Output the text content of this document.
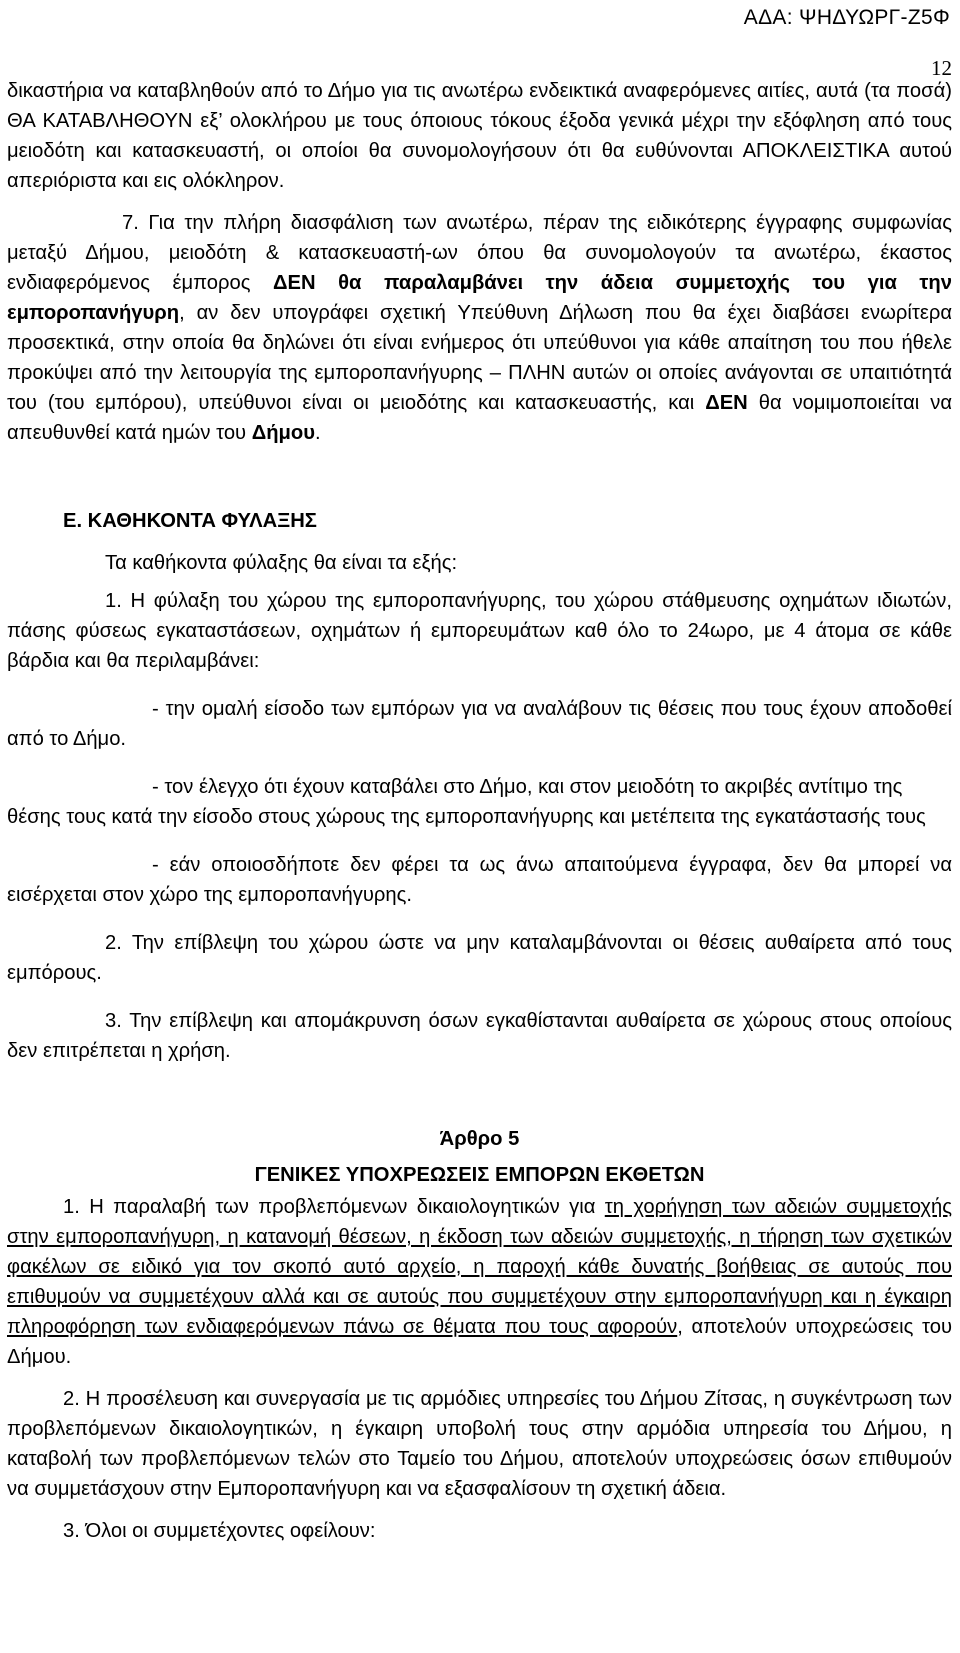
ΑΔΑ: ΨΗΔΥΩΡΓ-Ζ5Φ
12

δικαστήρια να καταβληθούν από το Δήμο για τις ανωτέρω ενδεικτικά αναφερόμενες αιτίες, αυτά (τα ποσά) ΘΑ ΚΑΤΑΒΛΗΘΟΥΝ εξ’ ολοκλήρου με τους όποιους τόκους έξοδα γενικά μέχρι την εξόφληση από τους μειοδότη και κατασκευαστή, οι οποίοι θα συνομολογήσουν ότι θα ευθύνονται ΑΠΟΚΛΕΙΣΤΙΚΑ αυτού απεριόριστα και εις ολόκληρον.

7. Για την πλήρη διασφάλιση των ανωτέρω, πέραν της ειδικότερης έγγραφης συμφωνίας μεταξύ Δήμου, μειοδότη & κατασκευαστή-ων όπου θα συνομολογούν τα ανωτέρω, έκαστος ενδιαφερόμενος έμπορος ΔΕΝ θα παραλαμβάνει την άδεια συμμετοχής του για την εμποροπανήγυρη, αν δεν υπογράφει σχετική Υπεύθυνη Δήλωση που θα έχει διαβάσει ενωρίτερα προσεκτικά, στην οποία θα δηλώνει ότι είναι ενήμερος ότι υπεύθυνοι για κάθε απαίτηση του που ήθελε προκύψει από την λειτουργία της εμποροπανήγυρης – ΠΛΗΝ αυτών οι οποίες ανάγονται σε υπαιτιότητά του (του εμπόρου), υπεύθυνοι είναι οι μειοδότης και κατασκευαστής, και ΔΕΝ θα νομιμοποιείται να απευθυνθεί κατά ημών του Δήμου.

Ε. ΚΑΘΗΚΟΝΤΑ ΦΥΛΑΞΗΣ

Τα καθήκοντα φύλαξης θα είναι τα εξής:

1. Η φύλαξη του χώρου της εμποροπανήγυρης, του χώρου στάθμευσης οχημάτων ιδιωτών, πάσης φύσεως εγκαταστάσεων, οχημάτων ή εμπορευμάτων καθ όλο το 24ωρο, με 4 άτομα σε κάθε βάρδια και θα περιλαμβάνει:

- την ομαλή είσοδο των εμπόρων για να αναλάβουν τις θέσεις που τους έχουν αποδοθεί από το Δήμο.

- τον έλεγχο ότι έχουν καταβάλει στο Δήμο, και στον μειοδότη το ακριβές αντίτιμο της θέσης τους κατά την είσοδο στους χώρους της εμποροπανήγυρης και μετέπειτα της εγκατάστασής τους

- εάν οποιοσδήποτε δεν φέρει τα ως άνω απαιτούμενα έγγραφα, δεν θα μπορεί να εισέρχεται στον χώρο της εμποροπανήγυρης.

2. Την επίβλεψη του χώρου ώστε να μην καταλαμβάνονται οι θέσεις αυθαίρετα από τους εμπόρους.

3. Την επίβλεψη και απομάκρυνση όσων εγκαθίστανται αυθαίρετα σε χώρους στους οποίους δεν επιτρέπεται η χρήση.

Άρθρο 5

ΓΕΝΙΚΕΣ ΥΠΟΧΡΕΩΣΕΙΣ ΕΜΠΟΡΩΝ ΕΚΘΕΤΩΝ

1. Η παραλαβή των προβλεπόμενων δικαιολογητικών για τη χορήγηση των αδειών συμμετοχής στην εμποροπανήγυρη, η κατανομή θέσεων, η έκδοση των αδειών συμμετοχής, η τήρηση των σχετικών φακέλων σε ειδικό για τον σκοπό αυτό αρχείο, η παροχή κάθε δυνατής βοήθειας σε αυτούς που επιθυμούν να συμμετέχουν αλλά και σε αυτούς που συμμετέχουν στην εμποροπανήγυρη και η έγκαιρη πληροφόρηση των ενδιαφερόμενων πάνω σε θέματα που τους αφορούν, αποτελούν υποχρεώσεις του Δήμου.

2. Η προσέλευση και συνεργασία με τις αρμόδιες υπηρεσίες του Δήμου Ζίτσας, η συγκέντρωση των προβλεπόμενων δικαιολογητικών, η έγκαιρη υποβολή τους στην αρμόδια υπηρεσία του Δήμου, η καταβολή των προβλεπόμενων τελών στο Ταμείο του Δήμου, αποτελούν υποχρεώσεις όσων επιθυμούν να συμμετάσχουν στην Εμποροπανήγυρη και να εξασφαλίσουν τη σχετική άδεια.

3. Όλοι οι συμμετέχοντες οφείλουν:
